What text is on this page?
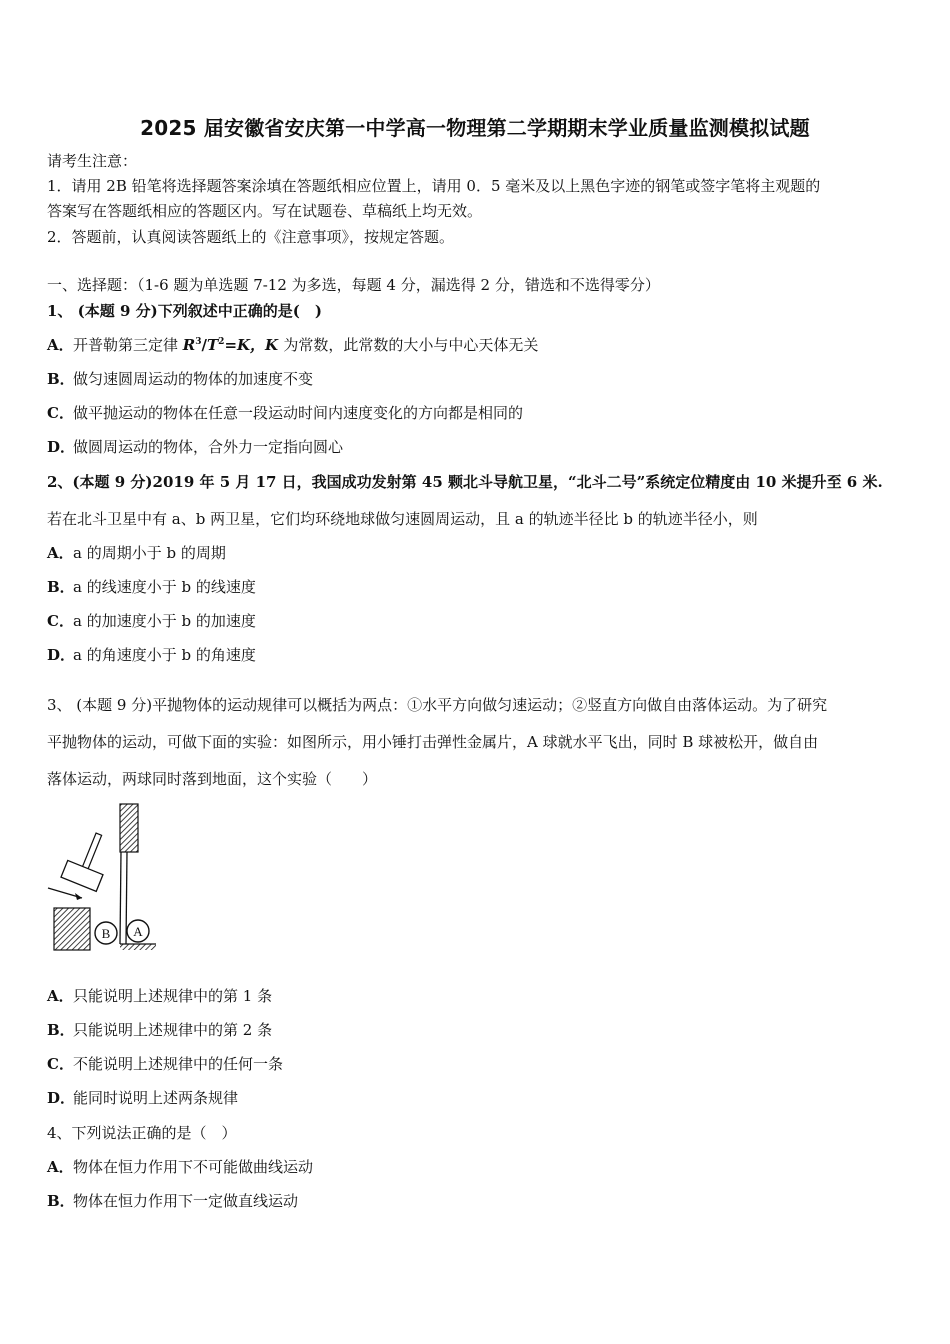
2025 届安徽省安庆第一中学高一物理第二学期期末学业质量监测模拟试题
请考生注意：
1．请用 2B 铅笔将选择题答案涂填在答题纸相应位置上，请用 0．5 毫米及以上黑色字迹的钢笔或签字笔将主观题的
答案写在答题纸相应的答题区内。写在试题卷、草稿纸上均无效。
2．答题前，认真阅读答题纸上的《注意事项》，按规定答题。
一、选择题：（1-6 题为单选题 7-12 为多选，每题 4 分，漏选得 2 分，错选和不选得零分）
1、 (本题 9 分)下列叙述中正确的是(　)
A．开普勒第三定律 $R^3/T^2=K$，K 为常数，此常数的大小与中心天体无关
B．做匀速圆周运动的物体的加速度不变
C．做平抛运动的物体在任意一段运动时间内速度变化的方向都是相同的
D．做圆周运动的物体，合外力一定指向圆心
2、(本题 9 分)2019 年 5 月 17 日，我国成功发射第 45 颗北斗导航卫星，“北斗二号”系统定位精度由 10 米提升至 6 米.
若在北斗卫星中有 a、b 两卫星，它们均环绕地球做匀速圆周运动，且 a 的轨迹半径比 b 的轨迹半径小，则
A．a 的周期小于 b 的周期
B．a 的线速度小于 b 的线速度
C．a 的加速度小于 b 的加速度
D．a 的角速度小于 b 的角速度
3、 (本题 9 分)平抛物体的运动规律可以概括为两点：①水平方向做匀速运动；②竖直方向做自由落体运动。为了研究
平抛物体的运动，可做下面的实验：如图所示，用小锤打击弹性金属片，A 球就水平飞出，同时 B 球被松开，做自由
落体运动，两球同时落到地面，这个实验（　　）
B A
A．只能说明上述规律中的第 1 条
B．只能说明上述规律中的第 2 条
C．不能说明上述规律中的任何一条
D．能同时说明上述两条规律
4、下列说法正确的是（　）
A．物体在恒力作用下不可能做曲线运动
B．物体在恒力作用下一定做直线运动
